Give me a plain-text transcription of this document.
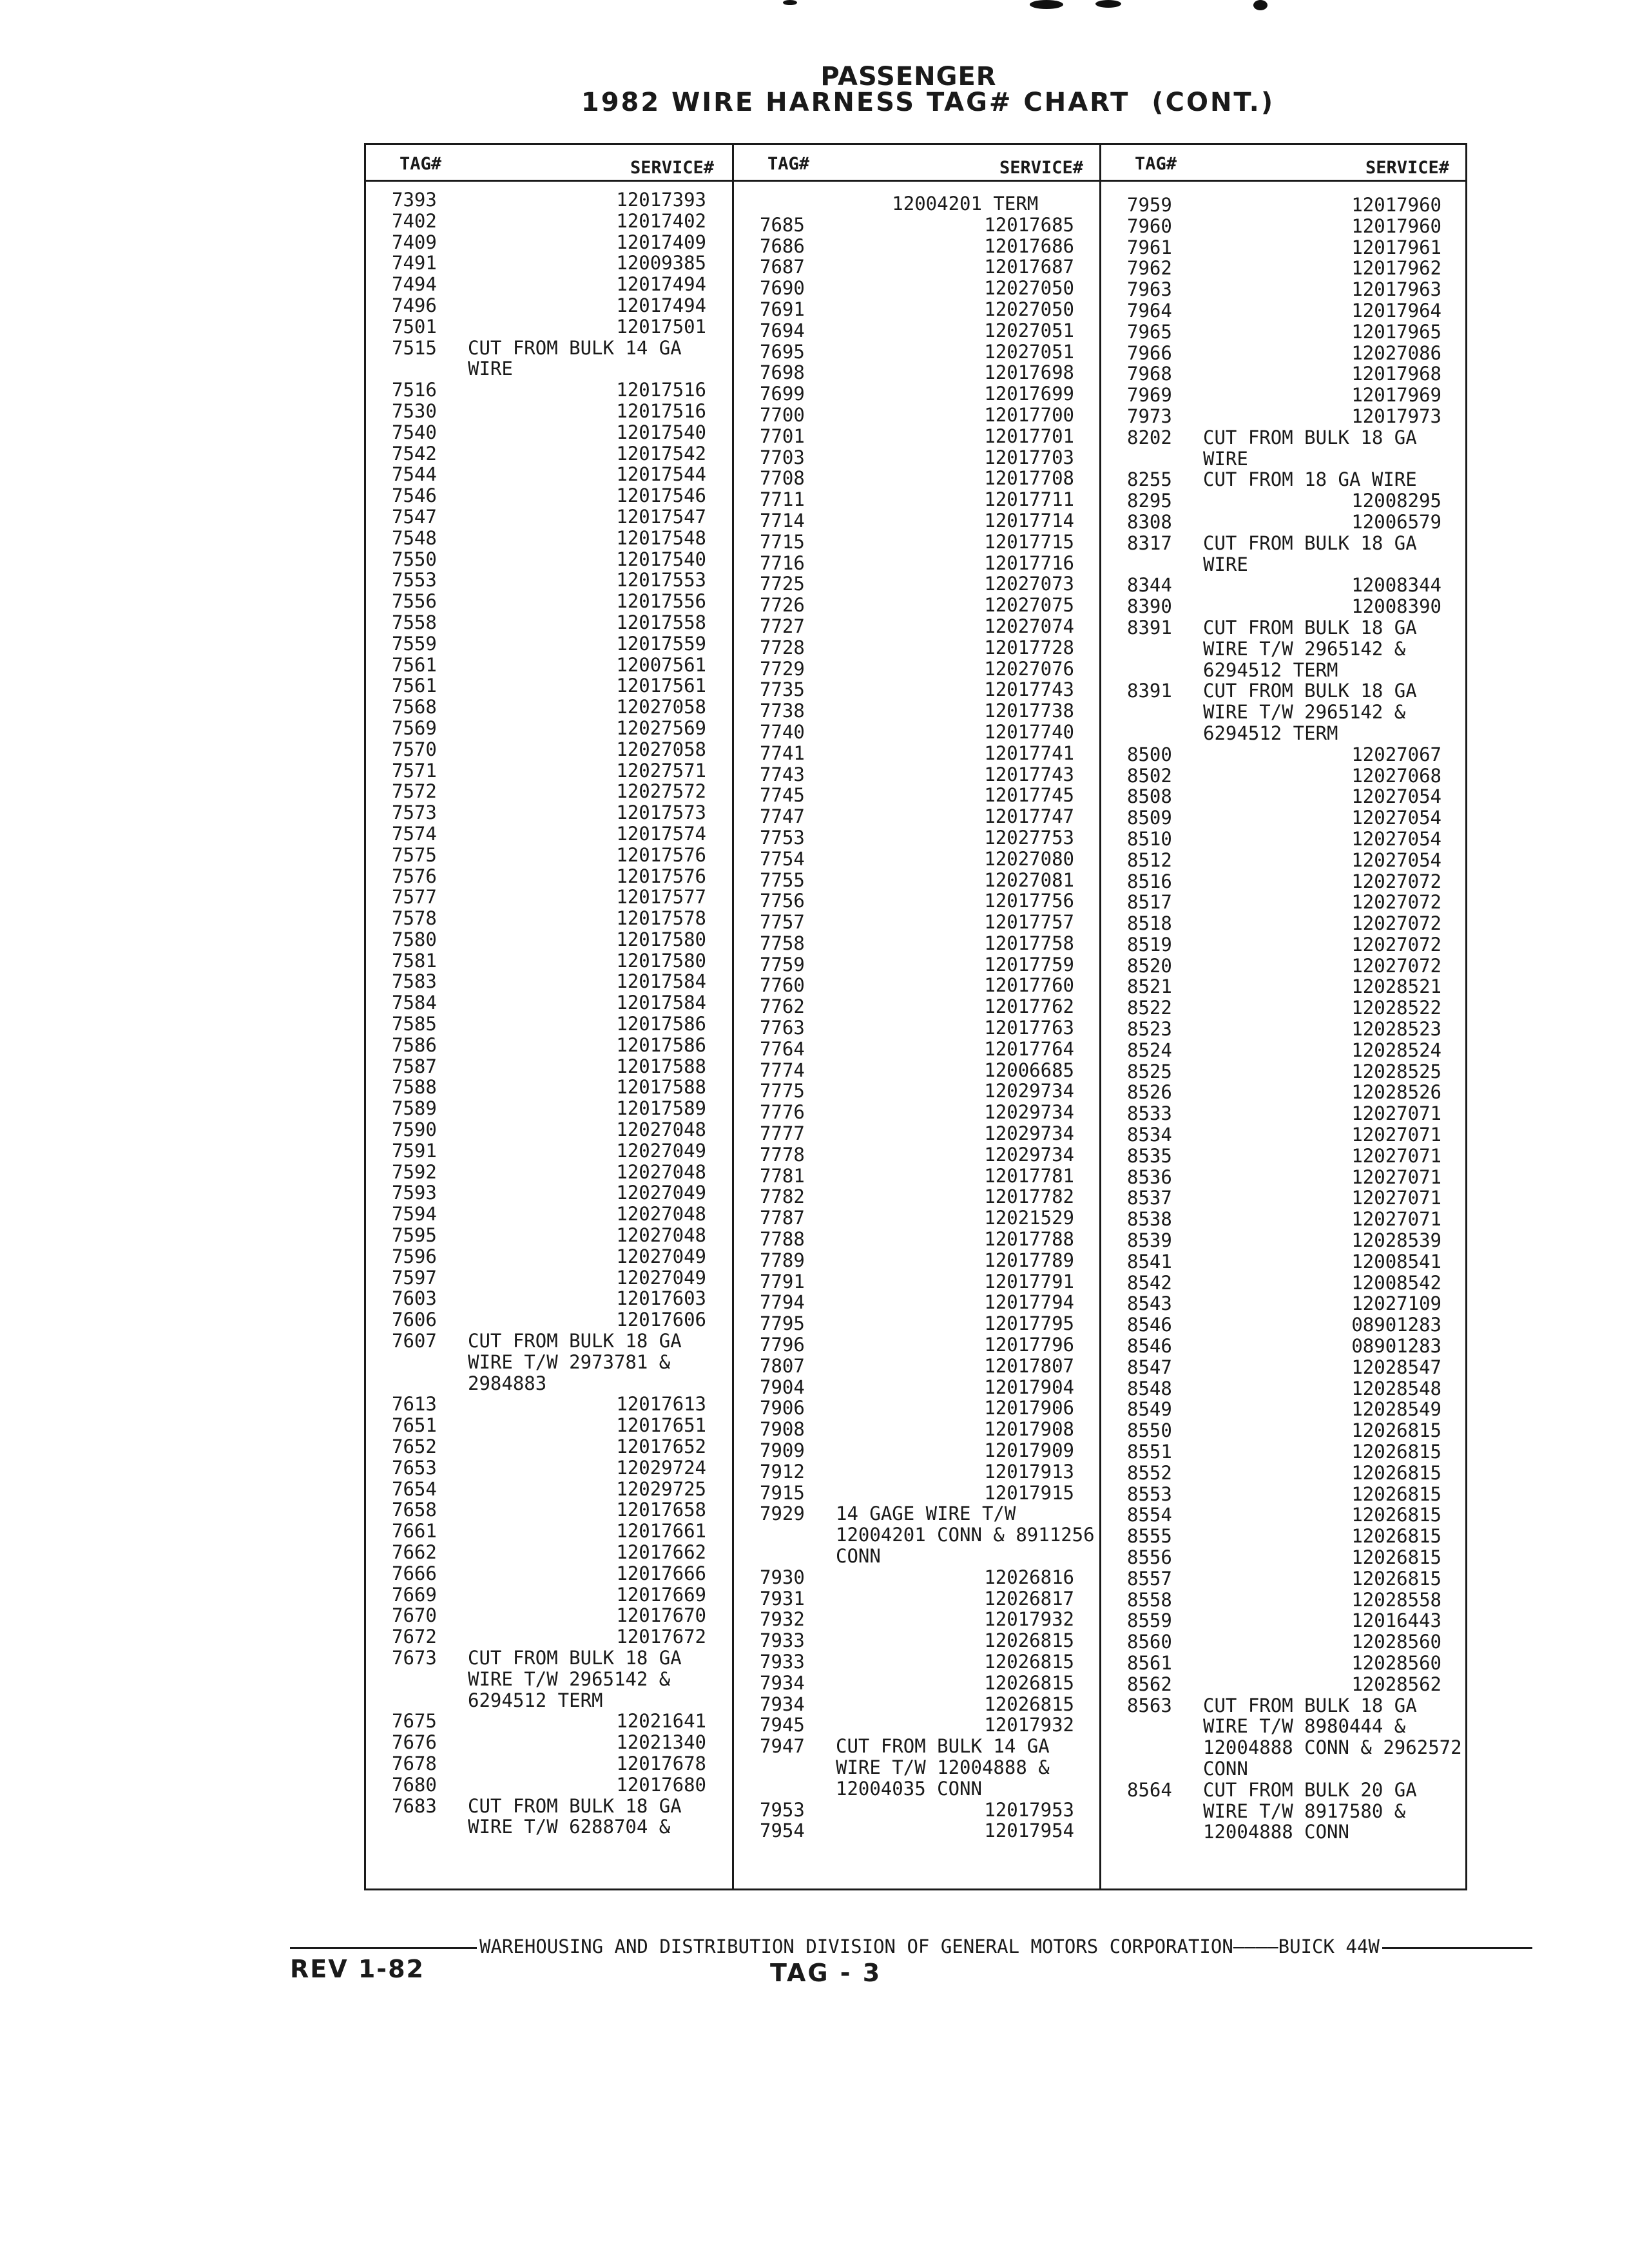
PASSENGER
1982 WIRE HARNESS TAG# CHART  (CONT.)
TAG#	SERVICE#
7393	12017393
7402	12017402
7409	12017409
7491	12009385
7494	12017494
7496	12017494
7501	12017501
7515	CUT FROM BULK 14 GA
WIRE
7516	12017516
7530	12017516
7540	12017540
7542	12017542
7544	12017544
7546	12017546
7547	12017547
7548	12017548
7550	12017540
7553	12017553
7556	12017556
7558	12017558
7559	12017559
7561	12007561
7561	12017561
7568	12027058
7569	12027569
7570	12027058
7571	12027571
7572	12027572
7573	12017573
7574	12017574
7575	12017576
7576	12017576
7577	12017577
7578	12017578
7580	12017580
7581	12017580
7583	12017584
7584	12017584
7585	12017586
7586	12017586
7587	12017588
7588	12017588
7589	12017589
7590	12027048
7591	12027049
7592	12027048
7593	12027049
7594	12027048
7595	12027048
7596	12027049
7597	12027049
7603	12017603
7606	12017606
7607	CUT FROM BULK 18 GA
WIRE T/W 2973781 &
2984883
7613	12017613
7651	12017651
7652	12017652
7653	12029724
7654	12029725
7658	12017658
7661	12017661
7662	12017662
7666	12017666
7669	12017669
7670	12017670
7672	12017672
7673	CUT FROM BULK 18 GA
WIRE T/W 2965142 &
6294512 TERM
7675	12021641
7676	12021340
7678	12017678
7680	12017680
7683	CUT FROM BULK 18 GA
WIRE T/W 6288704 &
TAG#	SERVICE#
12004201 TERM
7685	12017685
7686	12017686
7687	12017687
7690	12027050
7691	12027050
7694	12027051
7695	12027051
7698	12017698
7699	12017699
7700	12017700
7701	12017701
7703	12017703
7708	12017708
7711	12017711
7714	12017714
7715	12017715
7716	12017716
7725	12027073
7726	12027075
7727	12027074
7728	12017728
7729	12027076
7735	12017743
7738	12017738
7740	12017740
7741	12017741
7743	12017743
7745	12017745
7747	12017747
7753	12027753
7754	12027080
7755	12027081
7756	12017756
7757	12017757
7758	12017758
7759	12017759
7760	12017760
7762	12017762
7763	12017763
7764	12017764
7774	12006685
7775	12029734
7776	12029734
7777	12029734
7778	12029734
7781	12017781
7782	12017782
7787	12021529
7788	12017788
7789	12017789
7791	12017791
7794	12017794
7795	12017795
7796	12017796
7807	12017807
7904	12017904
7906	12017906
7908	12017908
7909	12017909
7912	12017913
7915	12017915
7929	14 GAGE WIRE T/W
12004201 CONN & 8911256
CONN
7930	12026816
7931	12026817
7932	12017932
7933	12026815
7933	12026815
7934	12026815
7934	12026815
7945	12017932
7947	CUT FROM BULK 14 GA
WIRE T/W 12004888 &
12004035 CONN
7953	12017953
7954	12017954
TAG#	SERVICE#
7959	12017960
7960	12017960
7961	12017961
7962	12017962
7963	12017963
7964	12017964
7965	12017965
7966	12027086
7968	12017968
7969	12017969
7973	12017973
8202	CUT FROM BULK 18 GA
WIRE
8255	CUT FROM 18 GA WIRE
8295	12008295
8308	12006579
8317	CUT FROM BULK 18 GA
WIRE
8344	12008344
8390	12008390
8391	CUT FROM BULK 18 GA
WIRE T/W 2965142 &
6294512 TERM
8391	CUT FROM BULK 18 GA
WIRE T/W 2965142 &
6294512 TERM
8500	12027067
8502	12027068
8508	12027054
8509	12027054
8510	12027054
8512	12027054
8516	12027072
8517	12027072
8518	12027072
8519	12027072
8520	12027072
8521	12028521
8522	12028522
8523	12028523
8524	12028524
8525	12028525
8526	12028526
8533	12027071
8534	12027071
8535	12027071
8536	12027071
8537	12027071
8538	12027071
8539	12028539
8541	12008541
8542	12008542
8543	12027109
8546	08901283
8546	08901283
8547	12028547
8548	12028548
8549	12028549
8550	12026815
8551	12026815
8552	12026815
8553	12026815
8554	12026815
8555	12026815
8556	12026815
8557	12026815
8558	12028558
8559	12016443
8560	12028560
8561	12028560
8562	12028562
8563	CUT FROM BULK 18 GA
WIRE T/W 8980444 &
12004888 CONN & 2962572
CONN
8564	CUT FROM BULK 20 GA
WIRE T/W 8917580 &
12004888 CONN
WAREHOUSING AND DISTRIBUTION DIVISION OF GENERAL MOTORS CORPORATION————BUICK 44W
REV 1-82	TAG - 3
